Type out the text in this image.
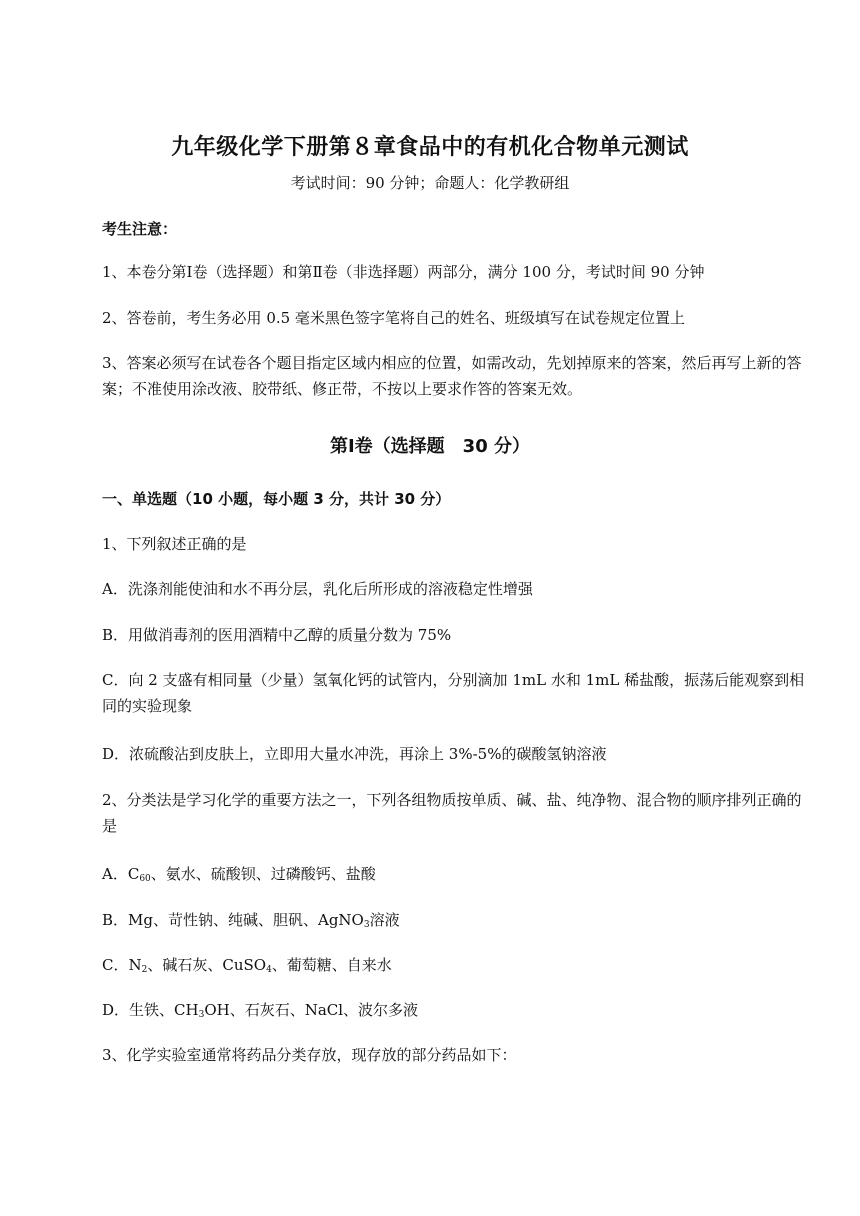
九年级化学下册第８章食品中的有机化合物单元测试
考试时间：90 分钟；命题人：化学教研组
考生注意：
1、本卷分第Ⅰ卷（选择题）和第Ⅱ卷（非选择题）两部分，满分 100 分，考试时间 90 分钟
2、答卷前，考生务必用 0.5 毫米黑色签字笔将自己的姓名、班级填写在试卷规定位置上
3、答案必须写在试卷各个题目指定区域内相应的位置，如需改动，先划掉原来的答案，然后再写上新的答案；不准使用涂改液、胶带纸、修正带，不按以上要求作答的答案无效。
第Ⅰ卷（选择题　30 分）
一、单选题（10 小题，每小题 3 分，共计 30 分）
1、下列叙述正确的是
A．洗涤剂能使油和水不再分层，乳化后所形成的溶液稳定性增强
B．用做消毒剂的医用酒精中乙醇的质量分数为 75%
C．向 2 支盛有相同量（少量）氢氧化钙的试管内，分别滴加 1mL 水和 1mL 稀盐酸，振荡后能观察到相同的实验现象
D．浓硫酸沾到皮肤上，立即用大量水冲洗，再涂上 3%-5%的碳酸氢钠溶液
2、分类法是学习化学的重要方法之一，下列各组物质按单质、碱、盐、纯净物、混合物的顺序排列正确的是
A．$C_{60}$、氨水、硫酸钡、过磷酸钙、盐酸
B．Mg、苛性钠、纯碱、胆矾、AgNO$_3$溶液
C．$N_2$、碱石灰、CuSO$_4$、葡萄糖、自来水
D．生铁、$CH_3OH$、石灰石、NaCl、波尔多液
3、化学实验室通常将药品分类存放，现存放的部分药品如下：
